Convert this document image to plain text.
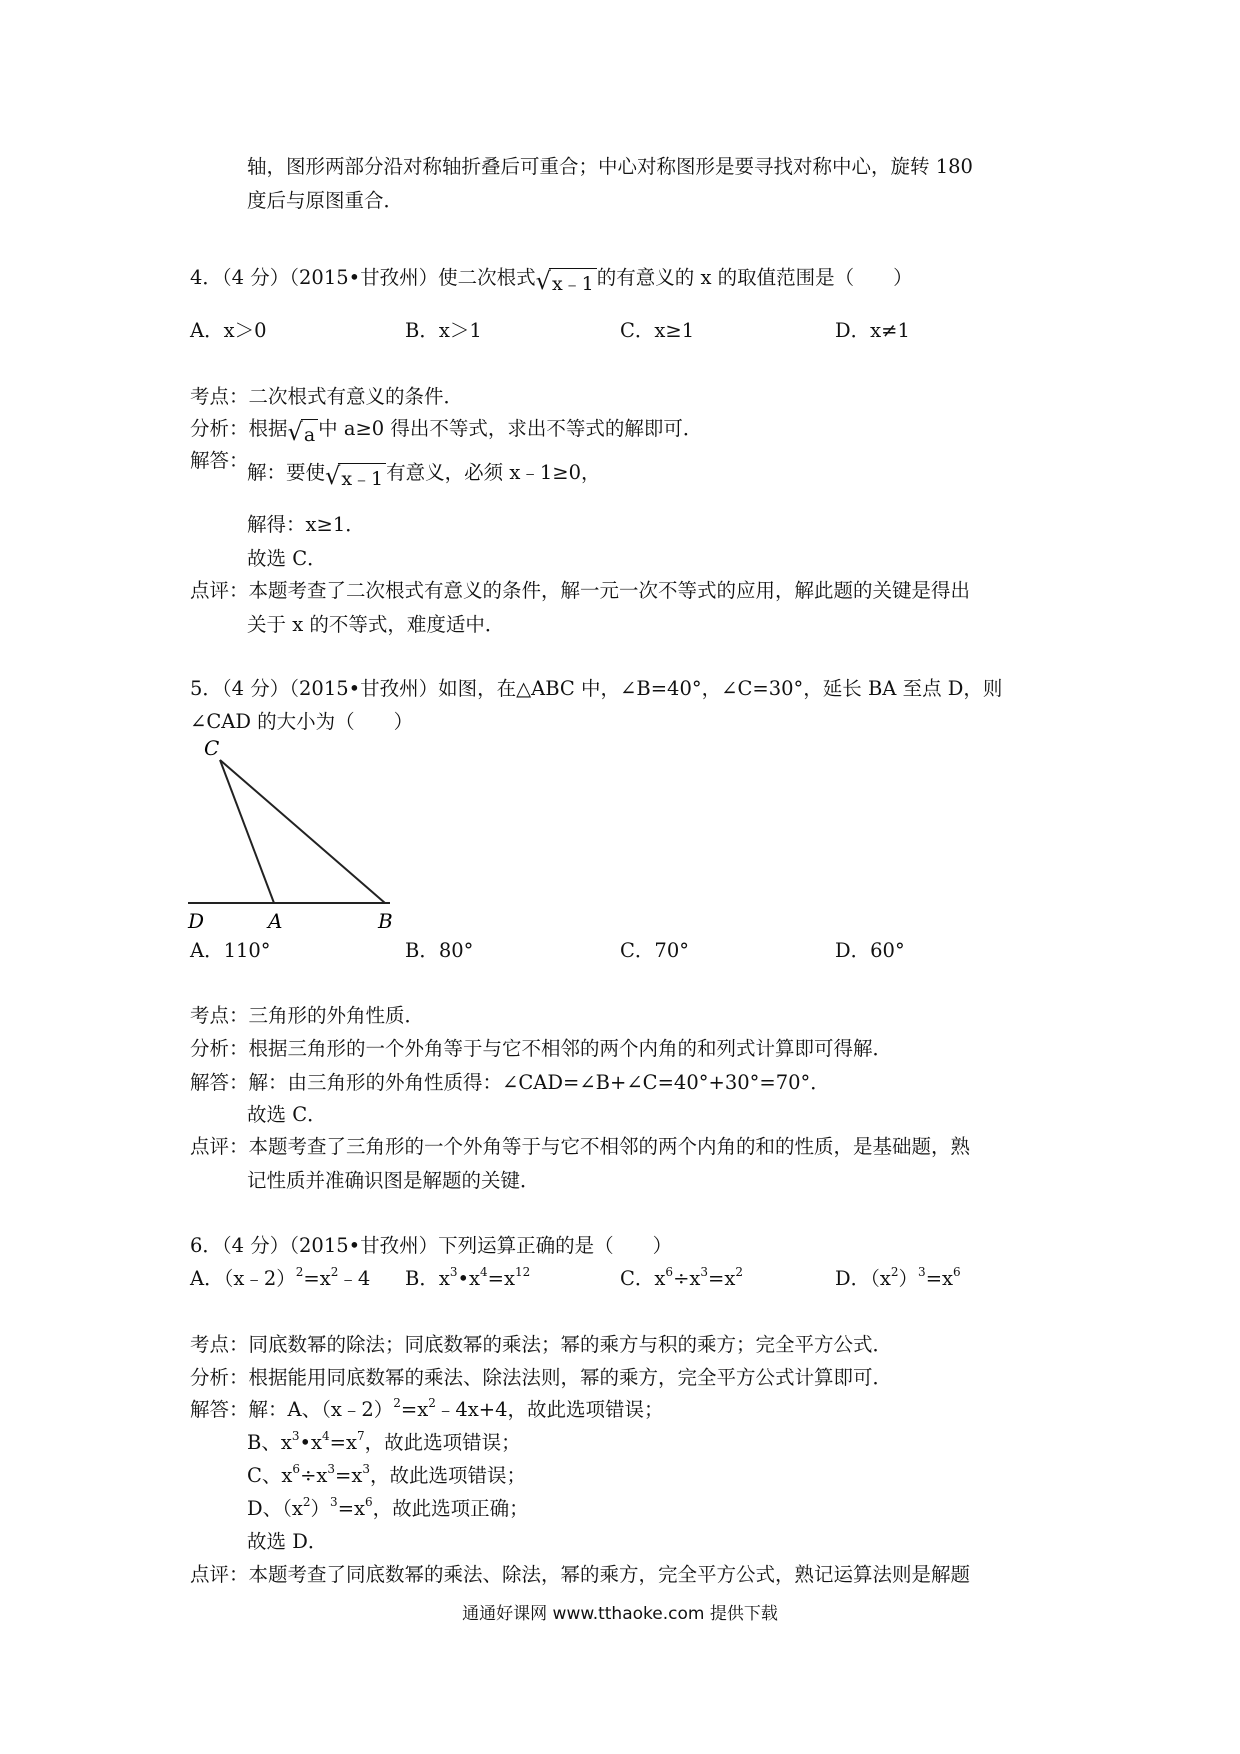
轴，图形两部分沿对称轴折叠后可重合；中心对称图形是要寻找对称中心，旋转 180
度后与原图重合．
4．（4 分）（2015•甘孜州）使二次根式√x﹣1 的有意义的 x 的取值范围是（　　）
A．x＞0	B．x＞1	C．x≥1	D．x≠1
考点：二次根式有意义的条件．
分析：根据√a 中 a≥0 得出不等式，求出不等式的解即可．
解答：
解：要使√x﹣1 有意义，必须 x﹣1≥0，
解得：x≥1．
故选 C．
点评：本题考查了二次根式有意义的条件，解一元一次不等式的应用，解此题的关键是得出
关于 x 的不等式，难度适中．
5．（4 分）（2015•甘孜州）如图，在△ABC 中，∠B=40°，∠C=30°，延长 BA 至点 D，则
∠CAD 的大小为（　　）
C
D	A	B
A．110°	B．80°	C．70°	D．60°
考点：三角形的外角性质．
分析：根据三角形的一个外角等于与它不相邻的两个内角的和列式计算即可得解．
解答：解：由三角形的外角性质得：∠CAD=∠B+∠C=40°+30°=70°．
故选 C．
点评：本题考查了三角形的一个外角等于与它不相邻的两个内角的和的性质，是基础题，熟
记性质并准确识图是解题的关键．
6．（4 分）（2015•甘孜州）下列运算正确的是（　　）
A．$(x﹣2)^2=x^2﹣4$ B．$x^3•x^4=x^{12}$	C．$x^6\div x^3=x^2$	D．$(x^2)^3=x^6$
考点：同底数幂的除法；同底数幂的乘法；幂的乘方与积的乘方；完全平方公式．
分析：根据能用同底数幂的乘法、除法法则，幂的乘方，完全平方公式计算即可．
解答：解：A、$(x﹣2)^2=x^2﹣4x+4$，故此选项错误；
B、$x^3•x^4=x^7$，故此选项错误；
C、$x^6\div x^3=x^3$，故此选项错误；
D、$(x^2)^3=x^6$，故此选项正确；
故选 D．
点评：本题考查了同底数幂的乘法、除法，幂的乘方，完全平方公式，熟记运算法则是解题
通通好课网 www.tthaoke.com 提供下载
